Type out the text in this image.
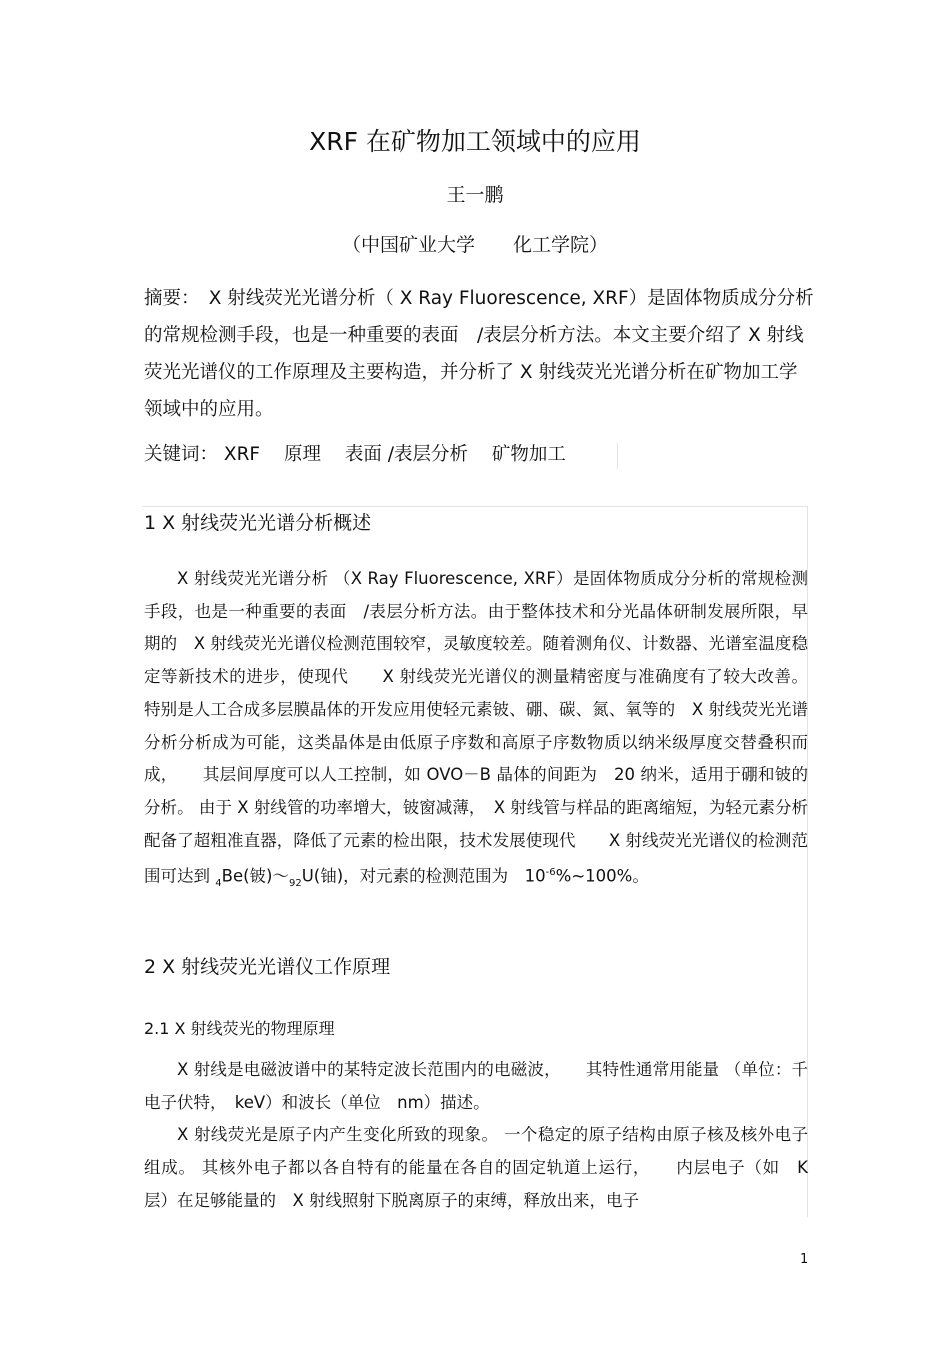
XRF 在矿物加工领域中的应用
王一鹏
（中国矿业大学　　化工学院）
摘要：　X 射线荧光光谱分析（ X Ray Fluorescence, XRF）是固体物质成分分析的常规检测手段，也是一种重要的表面　/表层分析方法。本文主要介绍了 X 射线荧光光谱仪的工作原理及主要构造，并分析了 X 射线荧光光谱分析在矿物加工学领域中的应用。
关键词： XRF 原理 表面 /表层分析 矿物加工
1 X 射线荧光光谱分析概述

X 射线荧光光谱分析 （X Ray Fluorescence, XRF）是固体物质成分分析的常规检测手段，也是一种重要的表面　/表层分析方法。由于整体技术和分光晶体研制发展所限，早期的　X 射线荧光光谱仪检测范围较窄，灵敏度较差。随着测角仪、计数器、光谱室温度稳定等新技术的进步，使现代　　X 射线荧光光谱仪的测量精密度与准确度有了较大改善。 特别是人工合成多层膜晶体的开发应用使轻元素铍、硼、碳、氮、氧等的　X 射线荧光光谱分析分析成为可能，这类晶体是由低原子序数和高原子序数物质以纳米级厚度交替叠积而成，　　其层间厚度可以人工控制，如 OVO－B 晶体的间距为　20 纳米，适用于硼和铍的分析。 由于 X 射线管的功率增大，铍窗减薄，　X 射线管与样品的距离缩短，为轻元素分析配备了超粗准直器，降低了元素的检出限，技术发展使现代　　X 射线荧光光谱仪的检测范围可达到 $_4$Be(铍)$\sim_{92}U$(铀)，对元素的检测范围为　$10^{-6}\%\sim 100\%$。

2 X 射线荧光光谱仪工作原理
2.1 X 射线荧光的物理原理

X 射线是电磁波谱中的某特定波长范围内的电磁波，　　其特性通常用能量 （单位：千电子伏特，　keV）和波长（单位　nm）描述。

X 射线荧光是原子内产生变化所致的现象。 一个稳定的原子结构由原子核及核外电子组成。 其核外电子都以各自特有的能量在各自的固定轨道上运行，　　内层电子（如　K 层）在足够能量的　X 射线照射下脱离原子的束缚，释放出来，电子

1
